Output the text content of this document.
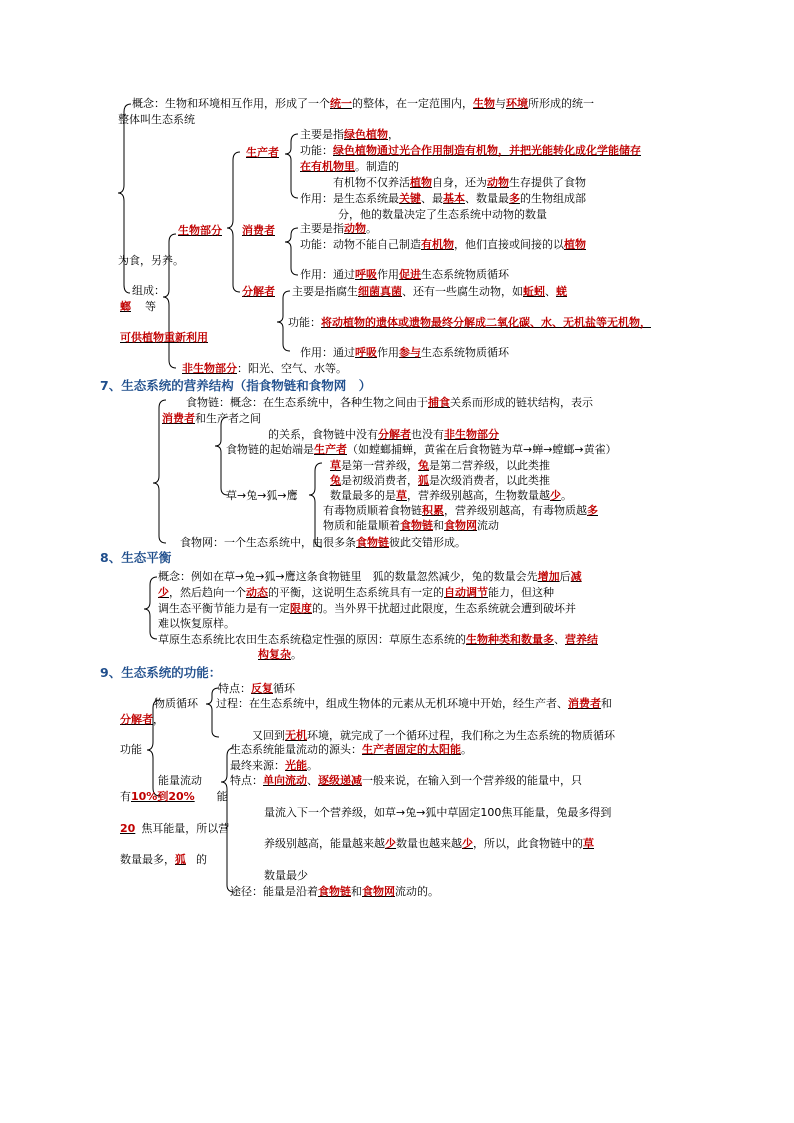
概念：生物和环境相互作用，形成了一个统一的整体，在一定范围内，生物与环境所形成的统一
整体叫生态系统
生产者
主要是指绿色植物，
功能：绿色植物通过光合作用制造有机物，并把光能转化成化学能储存
在有机物里。制造的
有机物不仅养活植物自身，还为动物生存提供了食物
作用：是生态系统最关键、最基本、数量最多的生物组成部
分，他的数量决定了生态系统中动物的数量
生物部分 消费者 主要是指动物。
功能：动物不能自己制造有机物，他们直接或间接的以植物
为食，另养。
作用：通过呼吸作用促进生态系统物质循环
组成：	分解者 主要是指腐生细菌真菌、还有一些腐生动物，如蚯蚓、蜣
螂 等
功能：将动植物的遗体或遗物最终分解成二氧化碳、水、无机盐等无机物，
可供植物重新利用
作用：通过呼吸作用参与生态系统物质循环
非生物部分：阳光、空气、水等。
7、生态系统的营养结构（指食物链和食物网　）
食物链：概念：在生态系统中，各种生物之间由于捕食关系而形成的链状结构，表示
消费者和生产者之间
的关系，食物链中没有分解者也没有非生物部分
食物链的起始端是生产者（如螳螂捕蝉，黄雀在后食物链为草→蝉→螳螂→黄雀）
草是第一营养级，兔是第二营养级，以此类推
兔是初级消费者，狐是次级消费者，以此类推
草→兔→狐→鹰	数量最多的是草，营养级别越高，生物数量越少。
有毒物质顺着食物链积累，营养级别越高，有毒物质越多
物质和能量顺着食物链和食物网流动
食物网：一个生态系统中，由很多条食物链彼此交错形成。
8、生态平衡
概念：例如在草→兔→狐→鹰这条食物链里　狐的数量忽然减少，兔的数量会先增加后减
少，然后趋向一个动态的平衡，这说明生态系统具有一定的自动调节能力，但这种
调生态平衡节能力是有一定限度的。当外界干扰超过此限度，生态系统就会遭到破坏并
难以恢复原样。
草原生态系统比农田生态系统稳定性强的原因：草原生态系统的生物种类和数量多、营养结
构复杂。
9、生态系统的功能：
特点：反复循环
物质循环 过程：在生态系统中，组成生物体的元素从无机环境中开始，经生产者、消费者和
分解者，
又回到无机环境，就完成了一个循环过程，我们称之为生态系统的物质循环
功能	生态系统能量流动的源头：生产者固定的太阳能。
最终来源：光能。
能量流动	特点：单向流动、逐级递减一般来说，在输入到一个营养级的能量中，只
有10%到20% 能
量流入下一个营养级，如草→兔→狐中草固定100焦耳能量，兔最多得到
20 焦耳能量，所以营
养级别越高，能量越来越少数量也越来越少，所以，此食物链中的草
数量最多，狐 的
数量最少
途径：能量是沿着食物链和食物网流动的。
